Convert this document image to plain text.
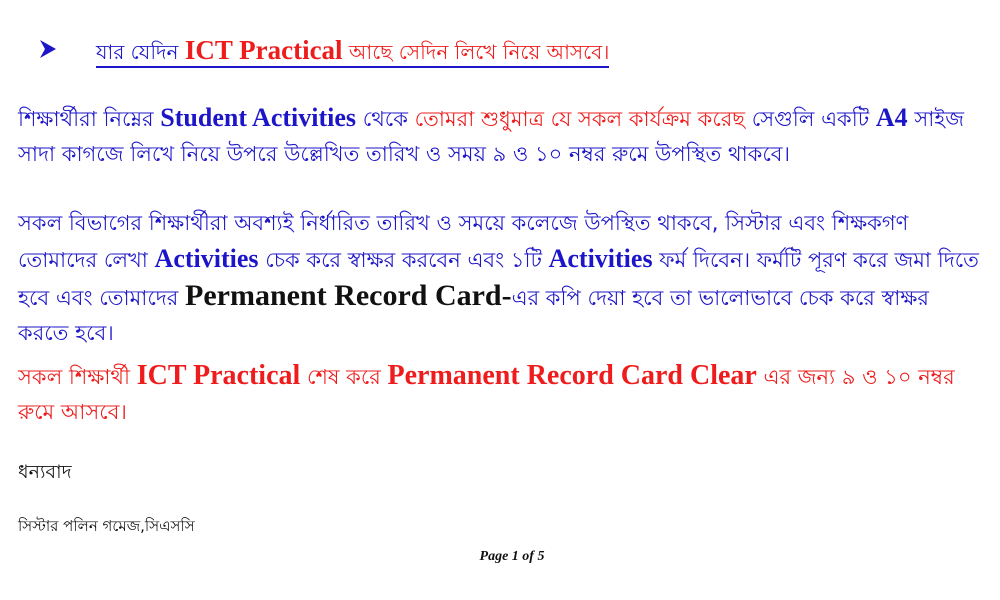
যার যেদিন ICT Practical আছে সেদিন লিখে নিয়ে আসবে।
শিক্ষার্থীরা নিম্নের Student Activities থেকে তোমরা শুধুমাত্র যে সকল কার্যক্রম করেছ সেগুলি একটি A4 সাইজ সাদা কাগজে লিখে নিয়ে উপরে উল্লেখিত তারিখ ও সময় ৯ ও ১০ নম্বর রুমে উপস্থিত থাকবে।
সকল বিভাগের শিক্ষার্থীরা অবশ্যই নির্ধারিত তারিখ ও সময়ে কলেজে উপস্থিত থাকবে, সিস্টার এবং শিক্ষকগণ তোমাদের লেখা Activities চেক করে স্বাক্ষর করবেন এবং ১টি Activities ফর্ম দিবেন। ফর্মটি পূরণ করে জমা দিতে হবে এবং তোমাদের Permanent Record Card-এর কপি দেয়া হবে তা ভালোভাবে চেক করে স্বাক্ষর করতে হবে।
সকল শিক্ষার্থী ICT Practical শেষ করে Permanent Record Card Clear এর জন্য ৯ ও ১০ নম্বর রুমে আসবে।
ধন্যবাদ
সিস্টার পলিন গমেজ,সিএসসি
Page 1 of 5
